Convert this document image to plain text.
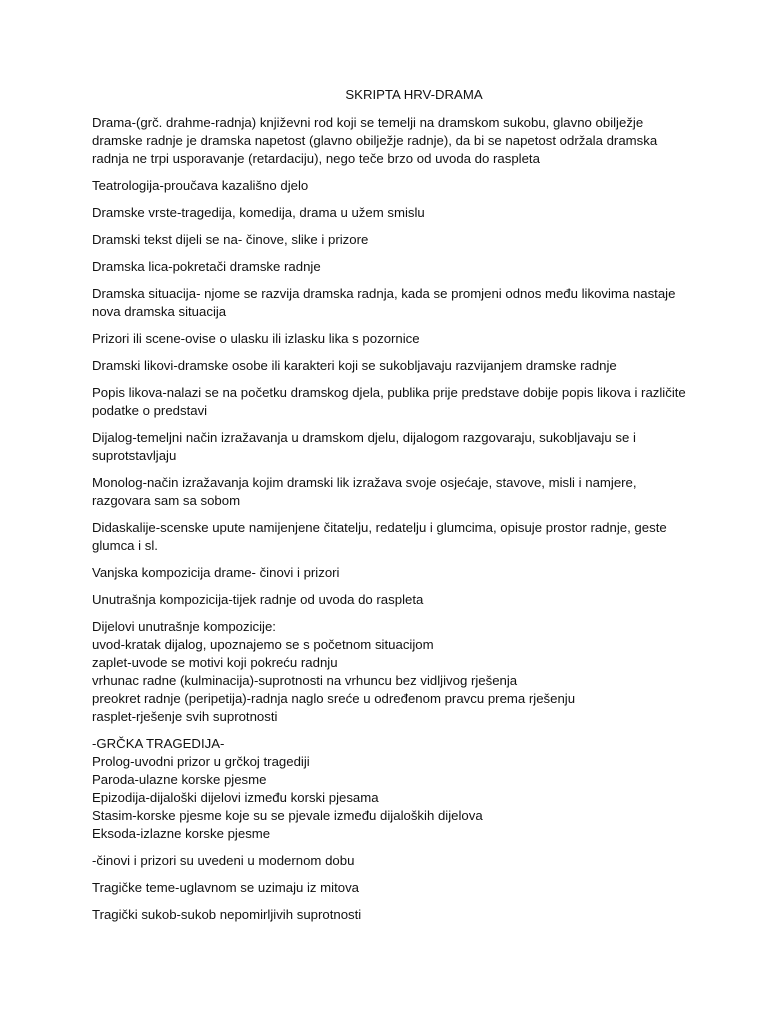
SKRIPTA HRV-DRAMA

Drama-(grč. drahme-radnja) književni rod koji se temelji na dramskom sukobu, glavno obilježje
dramske radnje je dramska napetost (glavno obilježje radnje), da bi se napetost održala dramska
radnja ne trpi usporavanje (retardaciju), nego teče brzo od uvoda do raspleta

Teatrologija-proučava kazališno djelo

Dramske vrste-tragedija, komedija, drama u užem smislu

Dramski tekst dijeli se na- činove, slike i prizore

Dramska lica-pokretači dramske radnje

Dramska situacija- njome se razvija dramska radnja, kada se promjeni odnos među likovima nastaje
nova dramska situacija

Prizori ili scene-ovise o ulasku ili izlasku lika s pozornice

Dramski likovi-dramske osobe ili karakteri koji se sukobljavaju razvijanjem dramske radnje

Popis likova-nalazi se na početku dramskog djela, publika prije predstave dobije popis likova i različite
podatke o predstavi

Dijalog-temeljni način izražavanja u dramskom djelu, dijalogom razgovaraju, sukobljavaju se i
suprotstavljaju

Monolog-način izražavanja kojim dramski lik izražava svoje osjećaje, stavove, misli i namjere,
razgovara sam sa sobom

Didaskalije-scenske upute namijenjene čitatelju, redatelju i glumcima, opisuje prostor radnje, geste
glumca i sl.

Vanjska kompozicija drame- činovi i prizori

Unutrašnja kompozicija-tijek radnje od uvoda do raspleta

Dijelovi unutrašnje kompozicije:
uvod-kratak dijalog, upoznajemo se s početnom situacijom
zaplet-uvode se motivi koji pokreću radnju
vrhunac radne (kulminacija)-suprotnosti na vrhuncu bez vidljivog rješenja
preokret radnje (peripetija)-radnja naglo sreće u određenom pravcu prema rješenju
rasplet-rješenje svih suprotnosti

-GRČKA TRAGEDIJA-
Prolog-uvodni prizor u grčkoj tragediji
Paroda-ulazne korske pjesme
Epizodija-dijaloški dijelovi između korski pjesama
Stasim-korske pjesme koje su se pjevale između dijaloških dijelova
Eksoda-izlazne korske pjesme

-činovi i prizori su uvedeni u modernom dobu

Tragičke teme-uglavnom se uzimaju iz mitova

Tragički sukob-sukob nepomirljivih suprotnosti
